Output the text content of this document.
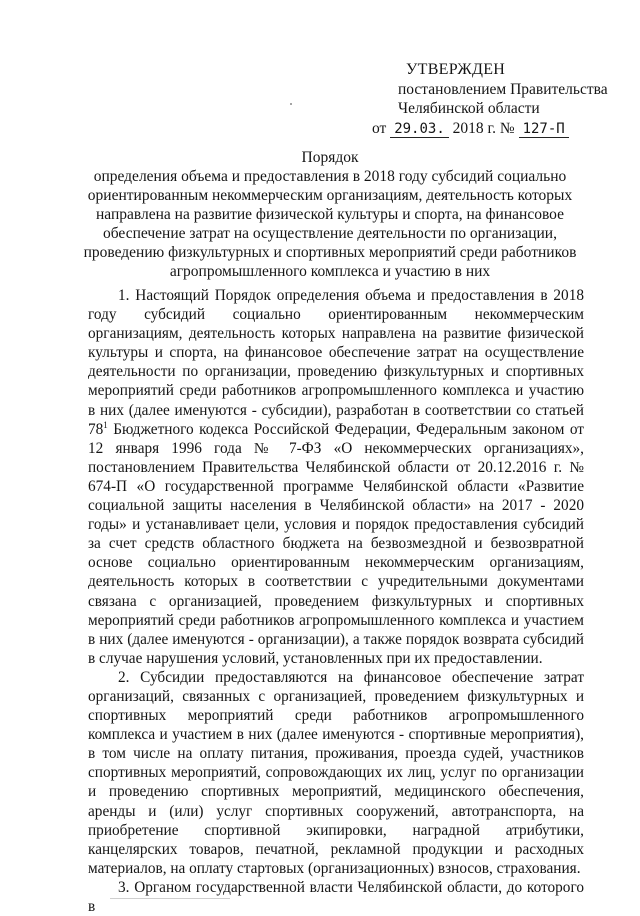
УТВЕРЖДЕН
постановлением Правительства
Челябинской области
от 29.03. 2018 г. № 127-П
Порядок
определения объема и предоставления в 2018 году субсидий социально
ориентированным некоммерческим организациям, деятельность которых
направлена на развитие физической культуры и спорта, на финансовое
обеспечение затрат на осуществление деятельности по организации,
проведению физкультурных и спортивных мероприятий среди работников
агропромышленного комплекса и участию в них

1. Настоящий Порядок определения объема и предоставления в 2018 году субсидий социально ориентированным некоммерческим организациям, деятельность которых направлена на развитие физической культуры и спорта, на финансовое обеспечение затрат на осуществление деятельности по организации, проведению физкультурных и спортивных мероприятий среди работников агропромышленного комплекса и участию в них (далее именуются - субсидии), разработан в соответствии со статьей $78^1$ Бюджетного кодекса Российской Федерации, Федеральным законом от 12 января 1996 года № 7-ФЗ «О некоммерческих организациях», постановлением Правительства Челябинской области от 20.12.2016 г. № 674-П «О государственной программе Челябинской области «Развитие социальной защиты населения в Челябинской области» на 2017 - 2020 годы» и устанавливает цели, условия и порядок предоставления субсидий за счет средств областного бюджета на безвозмездной и безвозвратной основе социально ориентированным некоммерческим организациям, деятельность которых в соответствии с учредительными документами связана с организацией, проведением физкультурных и спортивных мероприятий среди работников агропромышленного комплекса и участием в них (далее именуются - организации), а также порядок возврата субсидий в случае нарушения условий, установленных при их предоставлении.

2. Субсидии предоставляются на финансовое обеспечение затрат организаций, связанных с организацией, проведением физкультурных и спортивных мероприятий среди работников агропромышленного комплекса и участием в них (далее именуются - спортивные мероприятия), в том числе на оплату питания, проживания, проезда судей, участников спортивных мероприятий, сопровождающих их лиц, услуг по организации и проведению спортивных мероприятий, медицинского обеспечения, аренды и (или) услуг спортивных сооружений, автотранспорта, на приобретение спортивной экипировки, наградной атрибутики, канцелярских товаров, печатной, рекламной продукции и расходных материалов, на оплату стартовых (организационных) взносов, страхования.

3. Органом государственной власти Челябинской области, до которого в
